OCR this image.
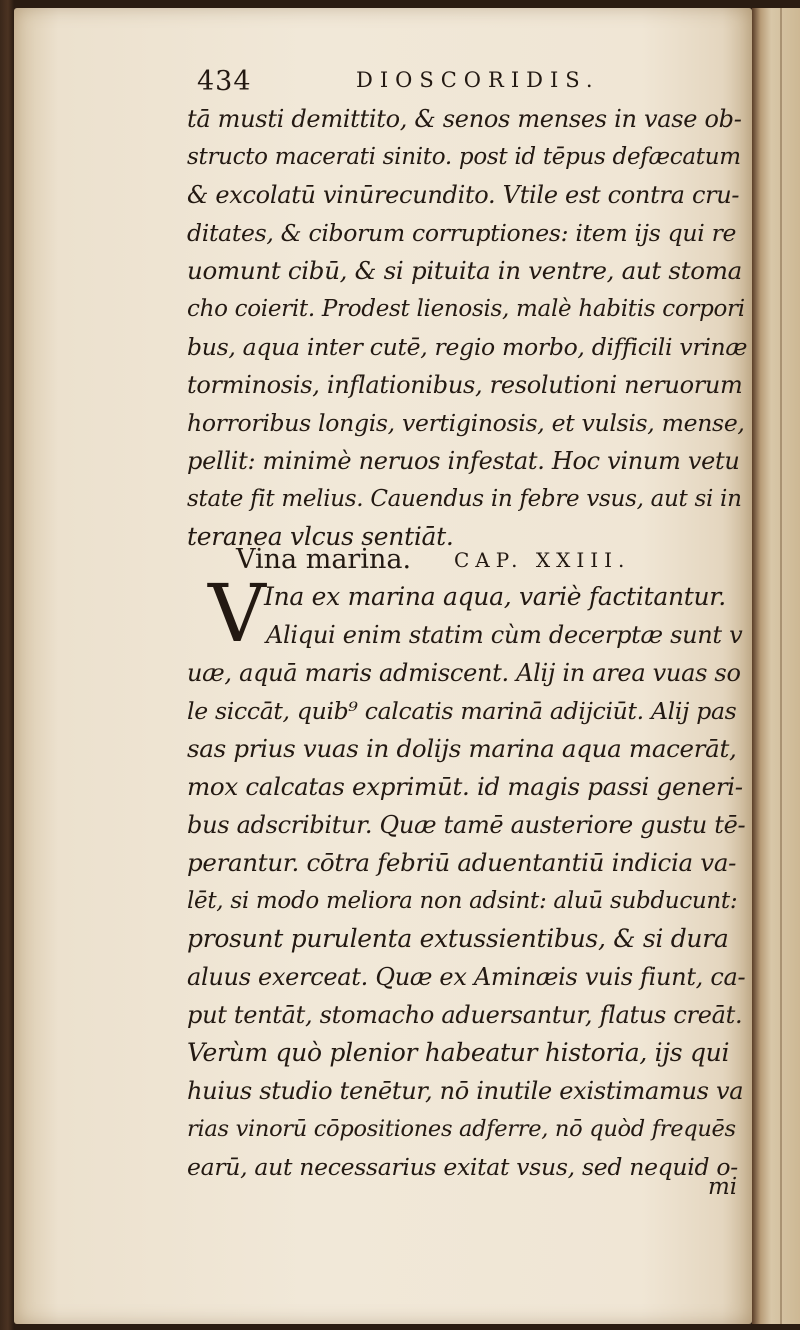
434	DIOSCORIDIS.
tā musti demittito, & senos menses in vase ob-
structo macerati sinito. post id tēpus defæcatum
& excolatū vinūrecundito. Vtile est contra cru-
ditates, & ciborum corruptiones: item ijs qui re
uomunt cibū, & si pituita in ventre, aut stoma
cho coierit. Prodest lienosis, malè habitis corpori
bus, aqua inter cutē, regio morbo, difficili vrinæ
torminosis, inflationibus, resolutioni neruorum
horroribus longis, vertiginosis, et vulsis, mense,
pellit: minimè neruos infestat. Hoc vinum vetu
state fit melius. Cauendus in febre vsus, aut si in
teranea vlcus sentiāt.
Vina marina. CAP. XXIII.
V
Ina ex marina aqua, variè factitantur.
Aliqui enim statim cùm decerptæ sunt v
uæ, aquā maris admiscent. Alij in area vuas so
le siccāt, quib⁹ calcatis marinā adijciūt. Alij pas
sas prius vuas in dolijs marina aqua macerāt,
mox calcatas exprimūt. id magis passi generi-
bus adscribitur. Quæ tamē austeriore gustu tē-
perantur. cōtra febriū aduentantiū indicia va-
lēt, si modo meliora non adsint: aluū subducunt:
prosunt purulenta extussientibus, & si dura
aluus exerceat. Quæ ex Aminæis vuis fiunt, ca-
put tentāt, stomacho aduersantur, flatus creāt.
Verùm quò plenior habeatur historia, ijs qui
huius studio tenētur, nō inutile existimamus va
rias vinorū cōpositiones adferre, nō quòd frequēs
earū, aut necessarius exitat vsus, sed nequid o-
mi
